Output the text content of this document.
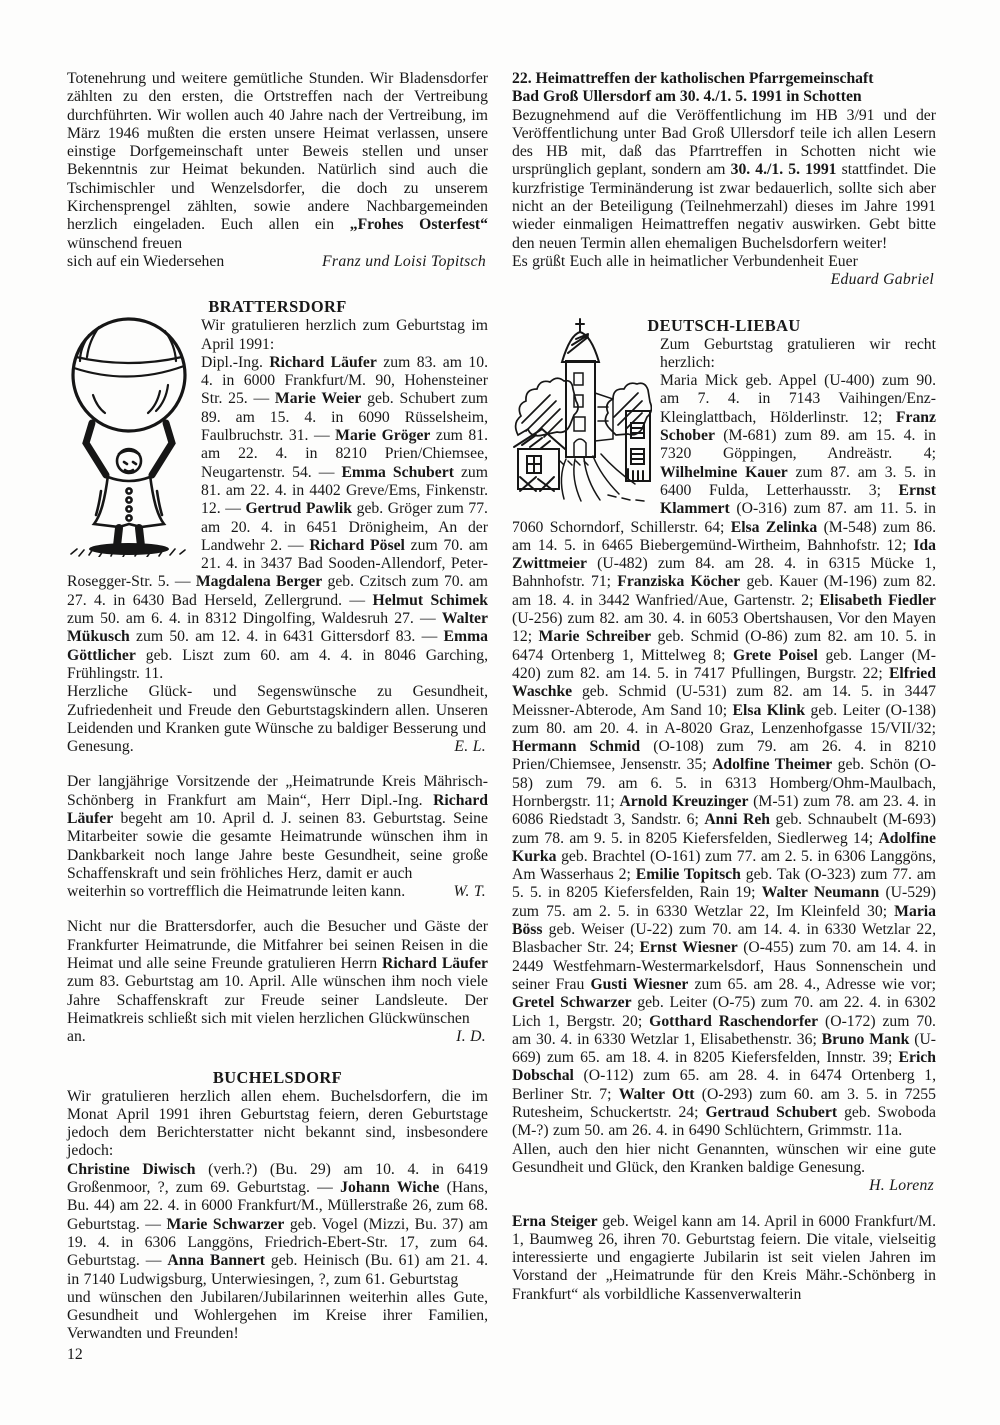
Totenehrung und weitere gemütliche Stunden. Wir Bladensdorfer zählten zu den ersten, die Ortstreffen nach der Vertreibung durchführten. Wir wollen auch 40 Jahre nach der Vertreibung, im März 1946 mußten die ersten unsere Heimat verlassen, unsere einstige Dorfgemeinschaft unter Beweis stellen und unser Bekenntnis zur Heimat bekunden. Natürlich sind auch die Tschimischler und Wenzelsdorfer, die doch zu unserem Kirchensprengel zählten, sowie andere Nachbargemeinden herzlich eingeladen. Euch allen ein „Frohes Osterfest“ wünschend freuen

sich auf ein Wiedersehen	Franz und Loisi Topitsch
BRATTERSDORF
Wir gratulieren herzlich zum Geburtstag im April 1991:
Dipl.-Ing. Richard Läufer zum 83. am 10. 4. in 6000 Frankfurt/M. 90, Hohensteiner Str. 25. — Marie Weier geb. Schubert zum 89. am 15. 4. in 6090 Rüsselsheim, Faulbruchstr. 31. — Marie Gröger zum 81. am 22. 4. in 8210 Prien/Chiemsee, Neugartenstr. 54. — Emma Schubert zum 81. am 22. 4. in 4402 Greve/Ems, Finkenstr. 12. — Gertrud Pawlik geb. Gröger zum 77. am 20. 4. in 6451 Drönigheim, An der Landwehr 2. — Richard Pösel zum 70. am 21. 4. in 3437 Bad Sooden-Allendorf, Peter-Rosegger-Str. 5. — Magdalena Berger geb. Czitsch zum 70. am 27. 4. in 6430 Bad Herseld, Zellergrund. — Helmut Schimek zum 50. am 6. 4. in 8312 Dingolfing, Waldesruh 27. — Walter Mükusch zum 50. am 12. 4. in 6431 Gittersdorf 83. — Emma Göttlicher geb. Liszt zum 60. am 4. 4. in 8046 Garching, Frühlingstr. 11.

Herzliche Glück- und Segenswünsche zu Gesundheit, Zufriedenheit und Freude den Geburtstagskindern allen. Unseren Leidenden und Kranken gute Wünsche zu baldiger Besserung und

Genesung.	E. L.

Der langjährige Vorsitzende der „Heimatrunde Kreis Mährisch-Schönberg in Frankfurt am Main“, Herr Dipl.-Ing. Richard Läufer begeht am 10. April d. J. seinen 83. Geburtstag. Seine Mitarbeiter sowie die gesamte Heimatrunde wünschen ihm in Dankbarkeit noch lange Jahre beste Gesundheit, seine große Schaffenskraft und sein fröhliches Herz, damit er auch

weiterhin so vortrefflich die Heimatrunde leiten kann.	W. T.

Nicht nur die Brattersdorfer, auch die Besucher und Gäste der Frankfurter Heimatrunde, die Mitfahrer bei seinen Reisen in die Heimat und alle seine Freunde gratulieren Herrn Richard Läufer zum 83. Geburtstag am 10. April. Alle wünschen ihm noch viele Jahre Schaffenskraft zur Freude seiner Landsleute. Der Heimatkreis schließt sich mit vielen herzlichen Glückwünschen

an.	I. D.
BUCHELSDORF

Wir gratulieren herzlich allen ehem. Buchelsdorfern, die im Monat April 1991 ihren Geburtstag feiern, deren Geburtstage jedoch dem Berichterstatter nicht bekannt sind, insbesondere jedoch:
Christine Diwisch (verh.?) (Bu. 29) am 10. 4. in 6419 Großenmoor, ?, zum 69. Geburtstag. — Johann Wiche (Hans, Bu. 44) am 22. 4. in 6000 Frankfurt/M., Müllerstraße 26, zum 68. Geburtstag. — Marie Schwarzer geb. Vogel (Mizzi, Bu. 37) am 19. 4. in 6306 Langgöns, Friedrich-Ebert-Str. 17, zum 64. Geburtstag. — Anna Bannert geb. Heinisch (Bu. 61) am 21. 4. in 7140 Ludwigsburg, Unterwiesingen, ?, zum 61. Geburtstag
und wünschen den Jubilaren/Jubilarinnen weiterhin alles Gute, Gesundheit und Wohlergehen im Kreise ihrer Familien, Verwandten und Freunden!

22. Heimattreffen der katholischen Pfarrgemeinschaft
Bad Groß Ullersdorf am 30. 4./1. 5. 1991 in Schotten

Bezugnehmend auf die Veröffentlichung im HB 3/91 und der Veröffentlichung unter Bad Groß Ullersdorf teile ich allen Lesern des HB mit, daß das Pfarrtreffen in Schotten nicht wie ursprünglich geplant, sondern am 30. 4./1. 5. 1991 stattfindet. Die kurzfristige Terminänderung ist zwar bedauerlich, sollte sich aber nicht an der Beteiligung (Teilnehmerzahl) dieses im Jahre 1991 wieder einmaligen Heimattreffen negativ auswirken. Gebt bitte den neuen Termin allen ehemaligen Buchelsdorfern weiter!
Es grüßt Euch alle in heimatlicher Verbundenheit Euer

Eduard Gabriel
DEUTSCH-LIEBAU
Zum Geburtstag gratulieren wir recht herzlich:
Maria Mick geb. Appel (U-400) zum 90. am 7. 4. in 7143 Vaihingen/Enz-Kleinglattbach, Hölderlinstr. 12; Franz Schober (M-681) zum 89. am 15. 4. in 7320 Göppingen, Andreästr. 4; Wilhelmine Kauer zum 87. am 3. 5. in 6400 Fulda, Letterhausstr. 3; Ernst Klammert (O-316) zum 87. am 11. 5. in 7060 Schorndorf, Schillerstr. 64; Elsa Zelinka (M-548) zum 86. am 14. 5. in 6465 Biebergemünd-Wirtheim, Bahnhofstr. 12; Ida Zwittmeier (U-482) zum 84. am 28. 4. in 6315 Mücke 1, Bahnhofstr. 71; Franziska Köcher geb. Kauer (M-196) zum 82. am 18. 4. in 3442 Wanfried/Aue, Gartenstr. 2; Elisabeth Fiedler (U-256) zum 82. am 30. 4. in 6053 Obertshausen, Vor den Mayen 12; Marie Schreiber geb. Schmid (O-86) zum 82. am 10. 5. in 6474 Ortenberg 1, Mittelweg 8; Grete Poisel geb. Langer (M-420) zum 82. am 14. 5. in 7417 Pfullingen, Burgstr. 22; Elfried Waschke geb. Schmid (U-531) zum 82. am 14. 5. in 3447 Meissner-Abterode, Am Sand 10; Elsa Klink geb. Leiter (O-138) zum 80. am 20. 4. in A-8020 Graz, Lenzenhofgasse 15/VII/32; Hermann Schmid (O-108) zum 79. am 26. 4. in 8210 Prien/Chiemsee, Jensenstr. 35; Adolfine Theimer geb. Schön (O-58) zum 79. am 6. 5. in 6313 Homberg/Ohm-Maulbach, Hornbergstr. 11; Arnold Kreuzinger (M-51) zum 78. am 23. 4. in 6086 Riedstadt 3, Sandstr. 6; Anni Reh geb. Schnaubelt (M-693) zum 78. am 9. 5. in 8205 Kiefersfelden, Siedlerweg 14; Adolfine Kurka geb. Brachtel (O-161) zum 77. am 2. 5. in 6306 Langgöns, Am Wasserhaus 2; Emilie Topitsch geb. Tak (O-323) zum 77. am 5. 5. in 8205 Kiefersfelden, Rain 19; Walter Neumann (U-529) zum 75. am 2. 5. in 6330 Wetzlar 22, Im Kleinfeld 30; Maria Böss geb. Weiser (U-22) zum 70. am 14. 4. in 6330 Wetzlar 22, Blasbacher Str. 24; Ernst Wiesner (O-455) zum 70. am 14. 4. in 2449 Westfehmarn-Westermarkelsdorf, Haus Sonnenschein und seiner Frau Gusti Wiesner zum 65. am 28. 4., Adresse wie vor; Gretel Schwarzer geb. Leiter (O-75) zum 70. am 22. 4. in 6302 Lich 1, Bergstr. 20; Gotthard Raschendorfer (O-172) zum 70. am 30. 4. in 6330 Wetzlar 1, Elisabethenstr. 36; Bruno Mank (U-669) zum 65. am 18. 4. in 8205 Kiefersfelden, Innstr. 39; Erich Dobschal (O-112) zum 65. am 28. 4. in 6474 Ortenberg 1, Berliner Str. 7; Walter Ott (O-293) zum 60. am 3. 5. in 7255 Rutesheim, Schuckertstr. 24; Gertraud Schubert geb. Swoboda (M-?) zum 50. am 26. 4. in 6490 Schlüchtern, Grimmstr. 11a.
Allen, auch den hier nicht Genannten, wünschen wir eine gute Gesundheit und Glück, den Kranken baldige Genesung.
H. Lorenz

Erna Steiger geb. Weigel kann am 14. April in 6000 Frankfurt/M. 1, Baumweg 26, ihren 70. Geburtstag feiern. Die vitale, vielseitig interessierte und engagierte Jubilarin ist seit vielen Jahren im Vorstand der „Heimatrunde für den Kreis Mähr.-Schönberg in Frankfurt“ als vorbildliche Kassenverwalterin

12
